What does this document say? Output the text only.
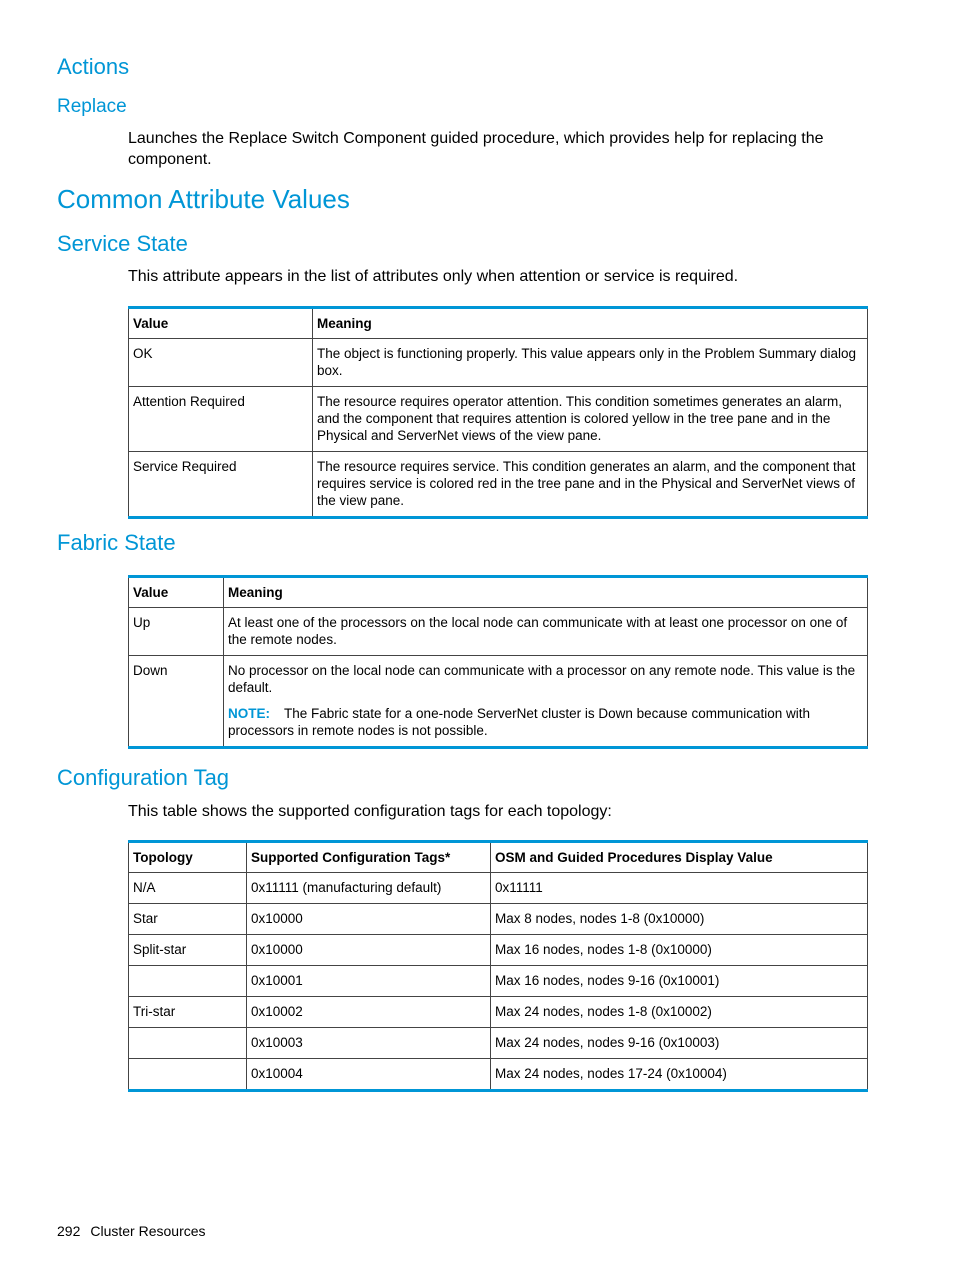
Actions
Replace

Launches the Replace Switch Component guided procedure, which provides help for replacing the component.

Common Attribute Values
Service State

This attribute appears in the list of attributes only when attention or service is required.

Value	Meaning
OK	The object is functioning properly. This value appears only in the Problem Summary dialog box.
Attention Required	The resource requires operator attention. This condition sometimes generates an alarm, and the component that requires attention is colored yellow in the tree pane and in the Physical and ServerNet views of the view pane.
Service Required	The resource requires service. This condition generates an alarm, and the component that requires service is colored red in the tree pane and in the Physical and ServerNet views of the view pane.
Fabric State
Value	Meaning
Up	At least one of the processors on the local node can communicate with at least one processor on one of the remote nodes.
Down	No processor on the local node can communicate with a processor on any remote node. This value is the default.
NOTE: The Fabric state for a one-node ServerNet cluster is Down because communication with processors in remote nodes is not possible.
Configuration Tag

This table shows the supported configuration tags for each topology:

Topology	Supported Configuration Tags*	OSM and Guided Procedures Display Value
N/A	0x11111 (manufacturing default)	0x11111
Star	0x10000	Max 8 nodes, nodes 1-8 (0x10000)
Split-star	0x10000	Max 16 nodes, nodes 1-8 (0x10000)
	0x10001	Max 16 nodes, nodes 9-16 (0x10001)
Tri-star	0x10002	Max 24 nodes, nodes 1-8 (0x10002)
	0x10003	Max 24 nodes, nodes 9-16 (0x10003)
	0x10004	Max 24 nodes, nodes 17-24 (0x10004)
292 Cluster Resources
